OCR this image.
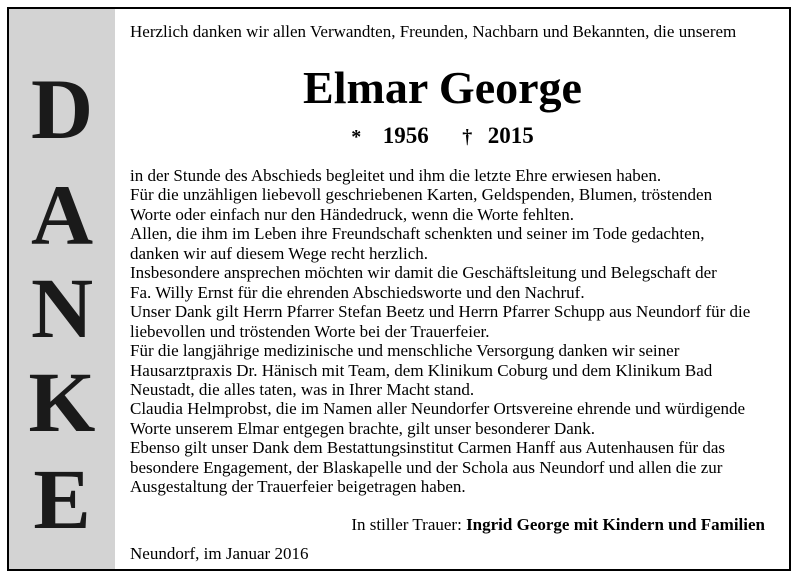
D
A
N
K
E
Herzlich danken wir allen Verwandten, Freunden, Nachbarn und Bekannten, die unserem
Elmar George
* 1956 † 2015
in der Stunde des Abschieds begleitet und ihm die letzte Ehre erwiesen haben.
Für die unzähligen liebevoll geschriebenen Karten, Geldspenden, Blumen, tröstenden
Worte oder einfach nur den Händedruck, wenn die Worte fehlten.
Allen, die ihm im Leben ihre Freundschaft schenkten und seiner im Tode gedachten,
danken wir auf diesem Wege recht herzlich.
Insbesondere ansprechen möchten wir damit die Geschäftsleitung und Belegschaft der
Fa. Willy Ernst für die ehrenden Abschiedsworte und den Nachruf.
Unser Dank gilt Herrn Pfarrer Stefan Beetz und Herrn Pfarrer Schupp aus Neundorf für die
liebevollen und tröstenden Worte bei der Trauerfeier.
Für die langjährige medizinische und menschliche Versorgung danken wir seiner
Hausarztpraxis Dr. Hänisch mit Team, dem Klinikum Coburg und dem Klinikum Bad
Neustadt, die alles taten, was in Ihrer Macht stand.
Claudia Helmprobst, die im Namen aller Neundorfer Ortsvereine ehrende und würdigende
Worte unserem Elmar entgegen brachte, gilt unser besonderer Dank.
Ebenso gilt unser Dank dem Bestattungsinstitut Carmen Hanff aus Autenhausen für das
besondere Engagement, der Blaskapelle und der Schola aus Neundorf und allen die zur
Ausgestaltung der Trauerfeier beigetragen haben.
In stiller Trauer: Ingrid George mit Kindern und Familien
Neundorf, im Januar 2016
